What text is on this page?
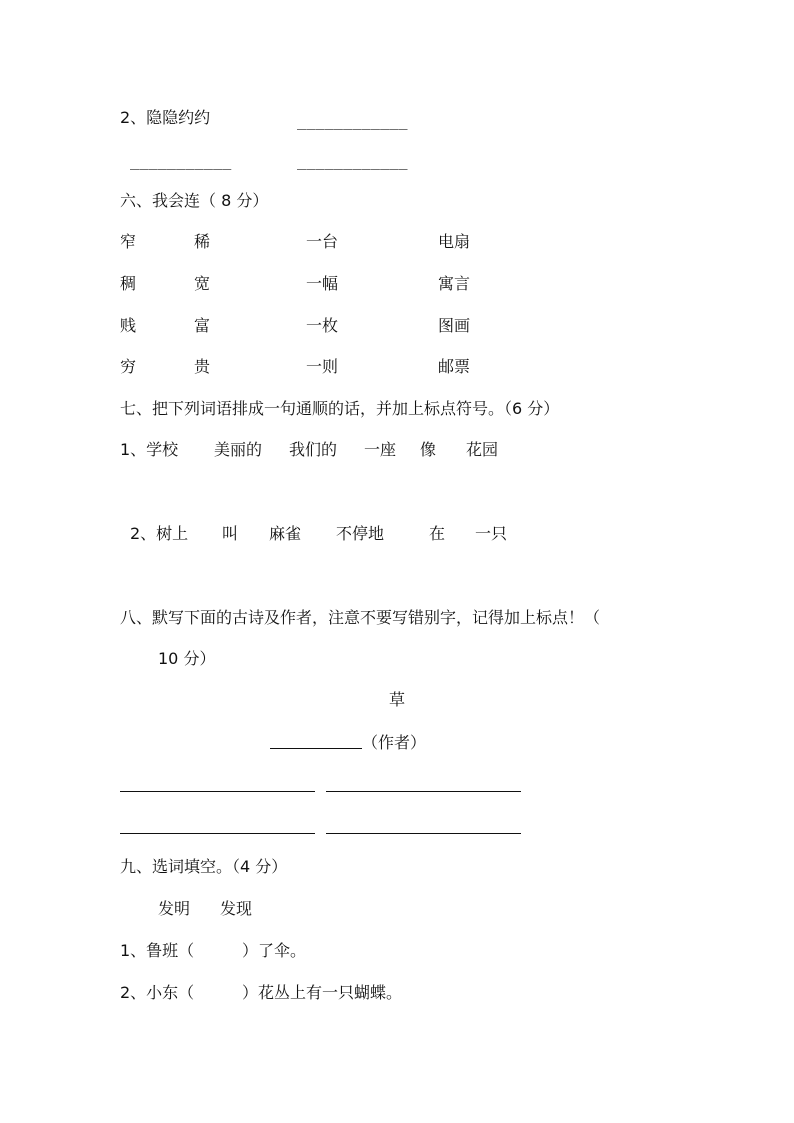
2、隐隐约约	____________
___________	____________
六、我会连（ 8 分）
窄	稀	一台	电扇
稠	宽	一幅	寓言
贱	富	一枚	图画
穷	贵	一则	邮票
七、把下列词语排成一句通顺的话，并加上标点符号。（6 分）
1、学校 美丽的 我们的 一座 像 花园
2、树上 叫 麻雀 不停地	在 一只
八、默写下面的古诗及作者，注意不要写错别字，记得加上标点！（
10 分）
草
（作者）
九、选词填空。（4 分）
发明 发现
1、鲁班（	）了伞。
2、小东（	）花丛上有一只蝴蝶。
